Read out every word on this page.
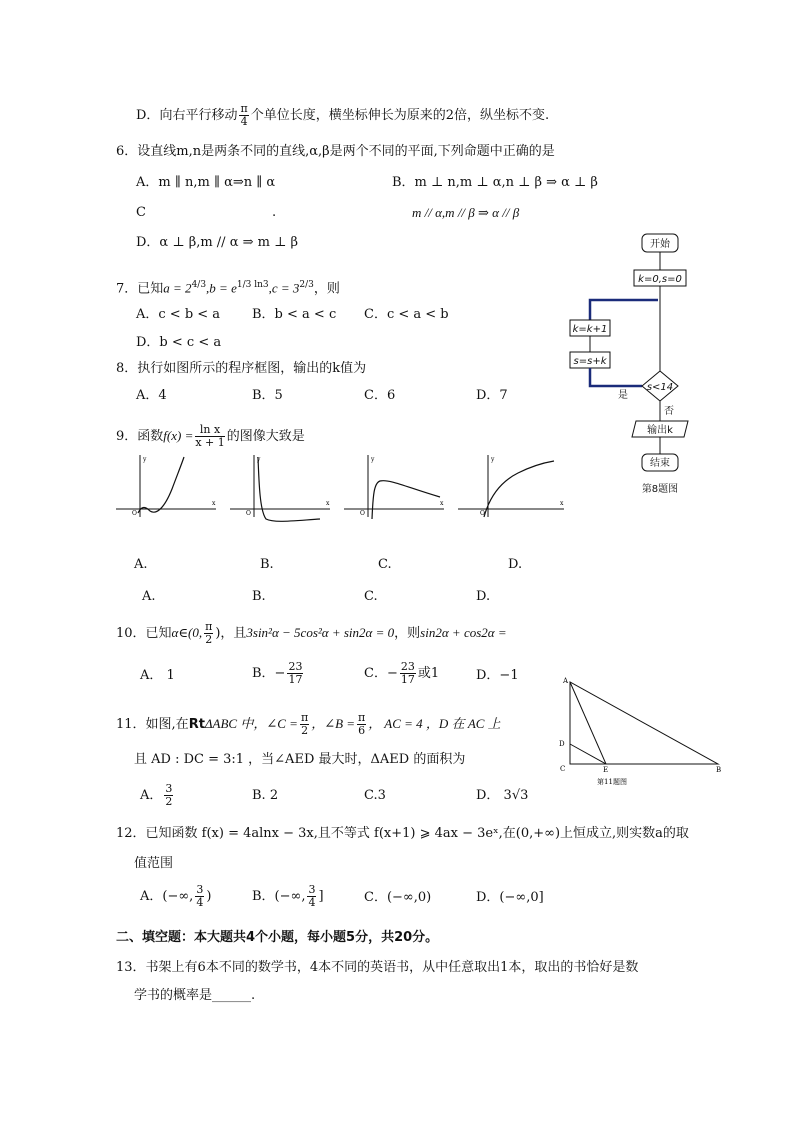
D．向右平行移动 $\frac{\pi}{4}$ 个单位长度，横坐标伸长为原来的2倍，纵坐标不变.
6．设直线m,n是两条不同的直线,α,β是两个不同的平面,下列命题中正确的是
A．m ∥ n,m ∥ α⇒n ∥ α	B．m ⊥ n,m ⊥ α,n ⊥ β ⇒ α ⊥ β
C	.	m // α,m // β ⇒ α // β
D．α ⊥ β,m // α ⇒ m ⊥ β
7．已知$a = 2^{4/3},b = e^{1/3 ln3},c = 3^{2/3}$，则
A．c < b < a B．b < a < c C．c < a < b
D．b < c < a
8．执行如图所示的程序框图，输出的k值为
A．4	B．5	C．6	D．7
开始
k=0,s=0
k=k+1
s=s+k
s<14
是
否
输出k
结束
第8题图
9．函数$f(x) = \frac{\text{ln x}}{x + 1}$ 的图像大致是
x
y
O
x
y
O
x
y
O
x
y
O
A.	B.	C.	D.
A.	B.	C.	D.
10．已知α∈(0, $\frac{\pi}{2}$ )，且3sin²α − 5cos²α + sin2α = 0，则sin2α + cos2α =
A． 1	B．− $\frac{23}{17}$	C．− $\frac{23}{17}$ 或1	D．−1	A
D
C	E	B
第11题图
11．如图,在RtΔABC 中，∠C = $\frac{\pi}{2}$ ，∠B = $\frac{\pi}{6}$ ， AC = 4 ，D 在 AC 上
且 AD : DC = 3:1 ，当∠AED 最大时，ΔAED 的面积为
A． $\frac{3}{2}$	B. 2	C.3	D． 3√3
12．已知函数 f(x) = 4alnx − 3x,且不等式 f(x+1) ⩾ 4ax − 3eˣ,在(0,+∞)上恒成立,则实数a的取
值范围
A．(−∞, $\frac{3}{4}$ )	B．(−∞, $\frac{3}{4}$ ]	C．(−∞,0)	D．(−∞,0]
二、填空题：本大题共4个小题，每小题5分，共20分。
13．书架上有6本不同的数学书，4本不同的英语书，从中任意取出1本，取出的书恰好是数
学书的概率是______.
